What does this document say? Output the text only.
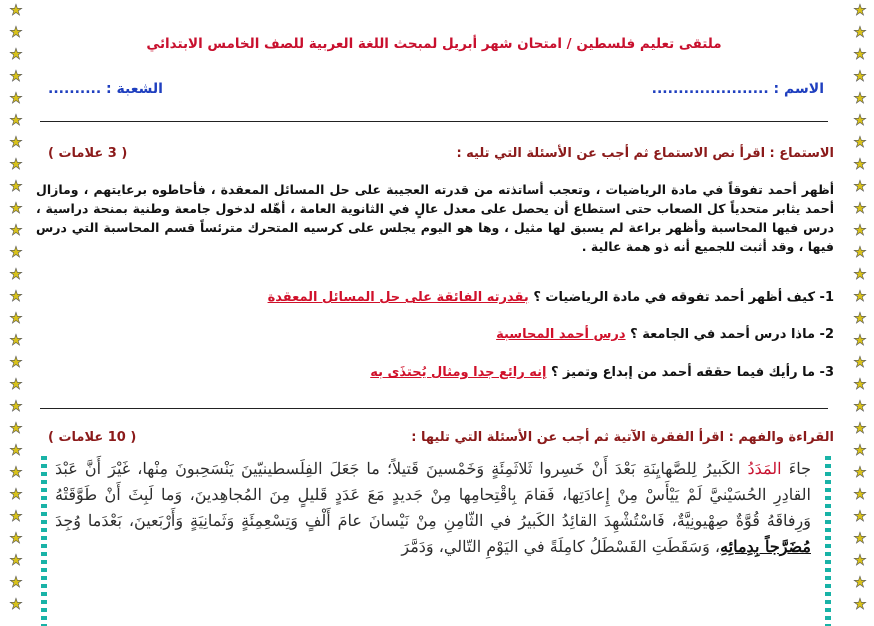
★
★
★
★
★
★
★
★
★
★
★
★
★
★
★
★
★
★
★
★
★
★
★
★
★
★
★
★
★
★
★
★
★
★
★
★
★
★
★
★
★
★
★
★
★
★
★
★
★
★
★
★
★
★
★
★
ملتقى تعليم فلسطين / امتحان شهر أبريل لمبحث اللغة العربية للصف الخامس الابتدائي
الاسم : ......................
الشعبة : ..........
الاستماع : اقرأ نص الاستماع ثم أجب عن الأسئلة التي تليه :
( 3 علامات )
أظهر أحمد تفوقاً في مادة الرياضيات ، وتعجب أساتذته من قدرته العجيبة على حل المسائل المعقدة ، فأحاطوه برعايتهم ، ومازال أحمد يثابر متحدياً كل الصعاب حتى استطاع أن يحصل على معدل عالٍ في الثانوية العامة ، أهّله لدخول جامعة وطنية بمنحة دراسية ، درس فيها المحاسبة وأظهر براعة لم يسبق لها مثيل ، وها هو اليوم يجلس على كرسيه المتحرك مترئساً قسم المحاسبة التي درس فيها ، وقد أثبت للجميع أنه ذو همة عالية .
1- كيف أظهر أحمد تفوقه في مادة الرياضيات ؟ بقدرته الفائقة على حل المسائل المعقدة
2- ماذا درس أحمد في الجامعة ؟ درس أحمد المحاسبة
3- ما رأيك فيما حققه أحمد من إبداع وتميز ؟ إنه رائع جدا ومثال يُحتذَى به
القراءة والفهم : اقرأ الفقرة الآتية ثم أجب عن الأسئلة التي تليها :
( 10 علامات )
جاءَ المَدَدُ الكَبيرُ لِلصَّهايِنَةِ بَعْدَ أَنْ خَسِروا ثَلاثَمِئَةٍ وَخَمْسينَ قَتيلاً؛ ما جَعَلَ الفِلَسطينيّينَ يَنْسَحِبونَ مِنْها، غَيْرَ أَنَّ عَبْدَ القادِرِ الحُسَيْنيَّ لَمْ يَيْأَسْ مِنْ إِعادَتِها، فَقامَ بِاقْتِحامِها مِنْ جَديدٍ مَعَ عَدَدٍ قَليلٍ مِنَ المُجاهِدينَ، وَما لَبِثَ أَنْ طَوَّقَتْهُ وَرِفاقَهُ قُوَّةٌ صِهْيونِيَّةٌ، فَاسْتُشْهِدَ القائِدُ الكَبيرُ في الثّامِنِ مِنْ نَيْسانَ عامَ أَلْفٍ وَتِسْعِمِئَةٍ وَثَمانِيَةٍ وَأَرْبَعينَ، بَعْدَما وُجِدَ مُضَرَّجاً بِدِمائِهِ، وَسَقَطَتِ القَسْطَلُ كامِلَةً في اليَوْمِ التّالي، وَدَمَّرَ
